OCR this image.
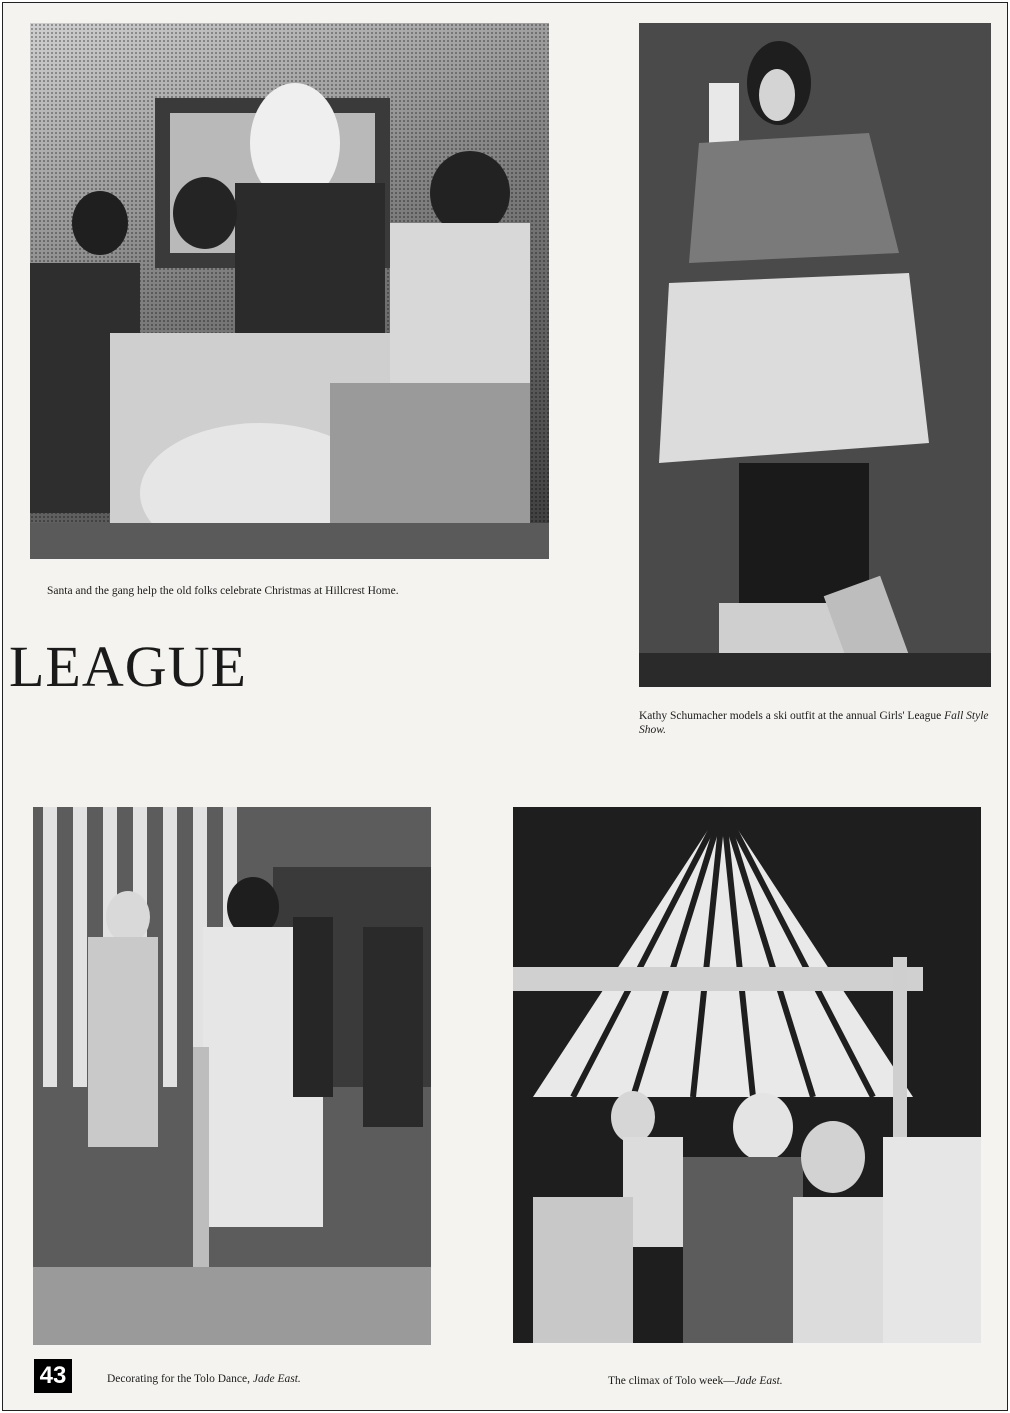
Santa and the gang help the old folks celebrate Christmas at Hillcrest Home.
Kathy Schumacher models a ski outfit at the annual Girls' League Fall Style Show.
LEAGUE
Decorating for the Tolo Dance, Jade East.	The climax of Tolo week—Jade East.
43
